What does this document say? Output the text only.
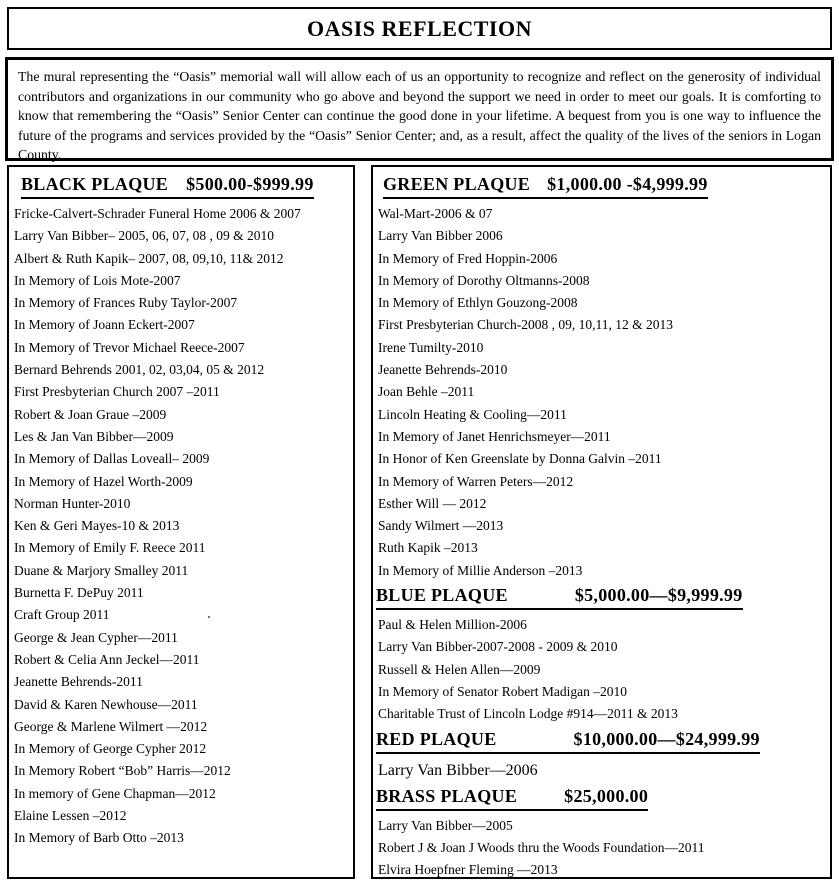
OASIS REFLECTION

The mural representing the “Oasis” memorial wall will allow each of us an opportunity to recognize and reflect on the generosity of individual contributors and organizations in our community who go above and beyond the support we need in order to meet our goals. It is comforting to know that remembering the “Oasis” Senior Center can continue the good done in your lifetime. A bequest from you is one way to influence the future of the programs and services provided by the “Oasis” Senior Center; and, as a result, affect the quality of the lives of the seniors in Logan County.

BLACK PLAQUE $500.00-$999.99
Fricke-Calvert-Schrader Funeral Home 2006 & 2007
Larry Van Bibber– 2005, 06, 07, 08 , 09 & 2010
Albert & Ruth Kapik– 2007, 08, 09,10, 11& 2012
In Memory of Lois Mote-2007
In Memory of Frances Ruby Taylor-2007
In Memory of Joann Eckert-2007
In Memory of Trevor Michael Reece-2007
Bernard Behrends 2001, 02, 03,04, 05 & 2012
First Presbyterian Church 2007 –2011
Robert & Joan Graue –2009
Les & Jan Van Bibber—2009
In Memory of Dallas Loveall– 2009
In Memory of Hazel Worth-2009
Norman Hunter-2010
Ken & Geri Mayes-10 & 2013
In Memory of Emily F. Reece 2011
Duane & Marjory Smalley 2011
Burnetta F. DePuy 2011
Craft Group 2011
George & Jean Cypher—2011
Robert & Celia Ann Jeckel—2011
Jeanette Behrends-2011
David & Karen Newhouse—2011
George & Marlene Wilmert —2012
In Memory of George Cypher 2012
In Memory Robert “Bob” Harris—2012
In memory of Gene Chapman—2012
Elaine Lessen –2012
In Memory of Barb Otto –2013
GREEN PLAQUE $1,000.00 -$4,999.99
Wal-Mart-2006 & 07
Larry Van Bibber 2006
In Memory of Fred Hoppin-2006
In Memory of Dorothy Oltmanns-2008
In Memory of Ethlyn Gouzong-2008
First Presbyterian Church-2008 , 09, 10,11, 12 & 2013
Irene Tumilty-2010
Jeanette Behrends-2010
Joan Behle –2011
Lincoln Heating & Cooling—2011
In Memory of Janet Henrichsmeyer—2011
In Honor of Ken Greenslate by Donna Galvin –2011
In Memory of Warren Peters—2012
Esther Will — 2012
Sandy Wilmert —2013
Ruth Kapik –2013
In Memory of Millie Anderson –2013
BLUE PLAQUE	$5,000.00—$9,999.99
Paul & Helen Million-2006
Larry Van Bibber-2007-2008 - 2009 & 2010
Russell & Helen Allen—2009
In Memory of Senator Robert Madigan –2010
Charitable Trust of Lincoln Lodge #914—2011 & 2013
RED PLAQUE	$10,000.00—$24,999.99
Larry Van Bibber—2006
BRASS PLAQUE	$25,000.00
Larry Van Bibber—2005
Robert J & Joan J Woods thru the Woods Foundation—2011
Elvira Hoepfner Fleming —2013
